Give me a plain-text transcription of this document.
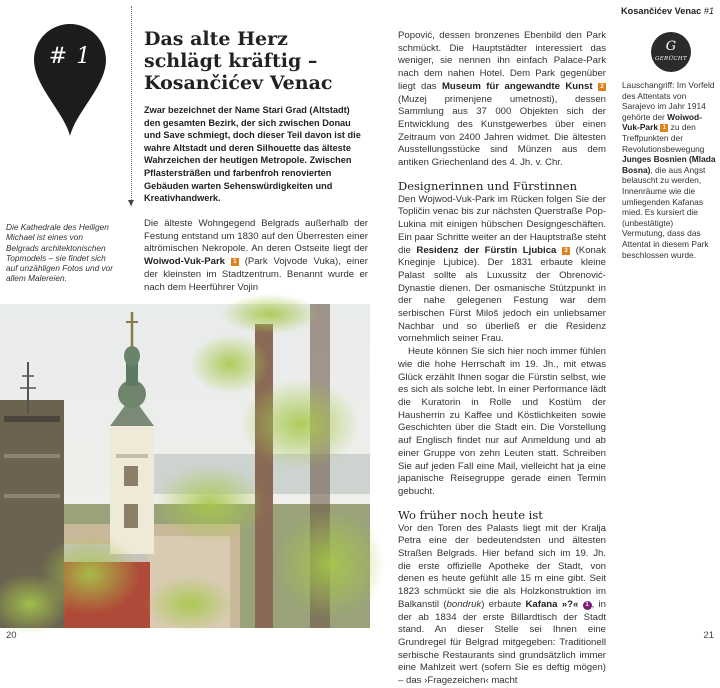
# 1
Die Kathedrale des Heiligen Michael ist eines von Belgrads architektonischen Topmodels – sie findet sich auf unzähligen Fotos und vor allem Malereien.
Das alte Herz schlägt kräftig – Kosančićev Venac

Zwar bezeichnet der Name Stari Grad (Altstadt) den gesamten Bezirk, der sich zwischen Donau und Save schmiegt, doch dieser Teil davon ist die wahre Altstadt und deren Silhouette das älteste Wahrzeichen der heutigen Metropole. Zwischen Pflastersträßen und farbenfroh renovierten Gebäuden warten Sehenswürdigkeiten und Kreativhandwerk.

Die älteste Wohngegend Belgrads außerhalb der Festung entstand um 1830 auf den Überresten einer altrömischen Nekropole. An deren Ostseite liegt der Woiwod-Vuk-Park 1 (Park Vojvode Vuka), einer der kleinsten im Stadtzentrum. Benannt wurde er nach dem Heerführer Vojin

Popović, dessen bronzenes Ebenbild den Park schmückt. Die Hauptstädter interessiert das weniger, sie nennen ihn einfach Palace-Park nach dem nahen Hotel. Dem Park gegenüber liegt das Museum für angewandte Kunst 2 (Muzej primenjene umetnosti), dessen Sammlung aus 37 000 Objekten sich der Entwicklung des Kunstgewerbes über einen Zeitraum von 2400 Jahren widmet. Die ältesten Ausstellungsstücke sind Münzen aus dem antiken Griechenland des 4. Jh. v. Chr.

Designerinnen und Fürstinnen

Den Wojwod-Vuk-Park im Rücken folgen Sie der Topličin venac bis zur nächsten Querstraße Pop-Lukina mit einigen hübschen Designgeschäften. Ein paar Schritte weiter an der Hauptstraße steht die Residenz der Fürstin Ljubica 3 (Konak Kneginje Ljubice). Der 1831 erbaute kleine Palast sollte als Luxussitz der Obrenović-Dynastie dienen. Der osmanische Stützpunkt in der nahe gelegenen Festung war dem serbischen Fürst Miloš jedoch ein unliebsamer Nachbar und so überließ er die Residenz vornehmlich seiner Frau.

Heute können Sie sich hier noch immer fühlen wie die hohe Herrschaft im 19. Jh., mit etwas Glück erzählt Ihnen sogar die Fürstin selbst, wie es sich als solche lebt. In einer Performance lädt die Kuratorin in Rolle und Kostüm der Hausherrin zu Kaffee und Köstlichkeiten sowie Geschichten über die Stadt ein. Die Vorstellung auf Englisch findet nur auf Anmeldung und ab einer Gruppe von zehn Leuten statt. Schreiben Sie auf jeden Fall eine Mail, vielleicht hat ja eine japanische Reisegruppe gerade einen Termin gebucht.

Wo früher noch heute ist

Vor den Toren des Palasts liegt mit der Kralja Petra eine der bedeutendsten und ältesten Straßen Belgrads. Hier befand sich im 19. Jh. die erste offizielle Apotheke der Stadt, von denen es heute gefühlt alle 15 m eine gibt. Seit 1823 schmückt sie die als Holzkonstruktion im Balkanstil (bondruk) erbaute Kafana »?« 1 , in der ab 1834 der erste Billardtisch der Stadt stand. An dieser Stelle sei Ihnen eine Grundregel für Belgrad mitgegeben: Traditionell serbische Restaurants sind grundsätzlich immer eine Mahlzeit wert (sofern Sie es deftig mögen) – das ›Fragezeichen‹ macht

Kosančićev Venac #1
G
GERÜCHT
Lauschangriff: Im Vorfeld des Attentats von Sarajevo im Jahr 1914 gehörte der Woiwod-Vuk-Park 1 zu den Treffpunkten der Revolutionsbewegung Junges Bosnien (Mlada Bosna), die aus Angst belauscht zu werden, Innenräume wie die umliegenden Kafanas mied. Es kursiert die (unbestätigte) Vermutung, dass das Attentat in diesem Park beschlossen wurde.
20	21
